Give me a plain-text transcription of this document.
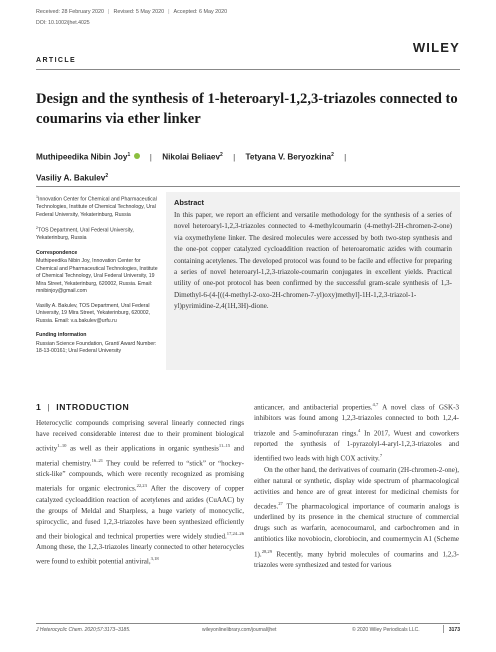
Received: 28 February 2020 | Revised: 5 May 2020 | Accepted: 6 May 2020
DOI: 10.1002/jhet.4025
WILEY
ARTICLE
Design and the synthesis of 1-heteroaryl-1,2,3-triazoles connected to coumarins via ether linker
Muthipeedika Nibin Joy$^1$ | Nikolai Beliaev$^2$ | Tetyana V. Beryozkina$^2$ |
Vasiliy A. Bakulev$^2$
$^1$Innovation Center for Chemical and Pharmaceutical Technologies, Institute of Chemical Technology, Ural Federal University, Yekaterinburg, Russia
$^2$TOS Department, Ural Federal University, Yekaterinburg, Russia
Correspondence
Muthipeedika Nibin Joy, Innovation Center for Chemical and Pharmaceutical Technologies, Institute of Chemical Technology, Ural Federal University, 19 Mira Street, Yekaterinburg, 620002, Russia. Email: mnibinjoy@gmail.com
Vasiliy A. Bakulev, TOS Department, Ural Federal University, 19 Mira Street, Yekaterinburg, 620002, Russia. Email: v.a.bakulev@urfu.ru
Funding information
Russian Science Foundation, Grant/ Award Number: 18-13-00161; Ural Federal University
Abstract

In this paper, we report an efficient and versatile methodology for the synthesis of a series of novel heteroaryl-1,2,3-triazoles connected to 4-methylcoumarin (4-methyl-2H-chromen-2-one) via oxymethylene linker. The desired molecules were accessed by both two-step synthesis and the one-pot copper catalyzed cycloaddition reaction of heteroaromatic azides with coumarin containing acetylenes. The developed protocol was found to be facile and effective for preparing a series of novel heteroaryl-1,2,3-triazole-coumarin conjugates in excellent yields. Practical utility of one-pot protocol has been confirmed by the successful gram-scale synthesis of 1,3-Dimethyl-6-(4-[((4-methyl-2-oxo-2H-chromen-7-yl)oxy)methyl]-1H-1,2,3-triazol-1-yl)pyrimidine-2,4(1H,3H)-dione.

1 | INTRODUCTION

Heterocyclic compounds comprising several linearly connected rings have received considerable interest due to their prominent biological activity$^{1-10}$ as well as their applications in organic synthesis$^{11-15}$ and material chemistry.$^{16-21}$ They could be referred to “stick” or “hockey-stick-like” compounds, which were recently recognized as promising materials for organic electronics.$^{22,23}$ After the discovery of copper catalyzed cycloaddition reaction of acetylenes and azides (CuAAC) by the groups of Meldal and Sharpless, a huge variety of monocyclic, spirocyclic, and fused 1,2,3-triazoles have been synthesized efficiently and their biological and technical properties were widely studied.$^{17,24-26}$ Among these, the 1,2,3-triazoles linearly connected to other heterocycles were found to exhibit potential antiviral,$^{3,18}$

anticancer, and antibacterial properties.$^{4,7}$ A novel class of GSK-3 inhibitors was found among 1,2,3-triazoles connected to both 1,2,4-triazole and 5-aminofurazan rings.$^4$ In 2017, Wuest and coworkers reported the synthesis of 1-pyrazolyl-4-aryl-1,2,3-triazoles and identified two leads with high COX activity.$^7$

On the other hand, the derivatives of coumarin (2H-chromen-2-one), either natural or synthetic, display wide spectrum of pharmacological activities and hence are of great interest for medicinal chemists for decades.$^{27}$ The pharmacological importance of coumarin analogs is underlined by its presence in the chemical structure of commercial drugs such as warfarin, acenocoumarol, and carbochromen and in antibiotics like novobiocin, clorobiocin, and coumermycin A1 (Scheme 1).$^{28,29}$ Recently, many hybrid molecules of coumarins and 1,2,3-triazoles were synthesized and tested for various

J Heterocyclic Chem. 2020;57:3173–3185.	wileyonlinelibrary.com/journal/jhet	© 2020 Wiley Periodicals LLC.	3173
